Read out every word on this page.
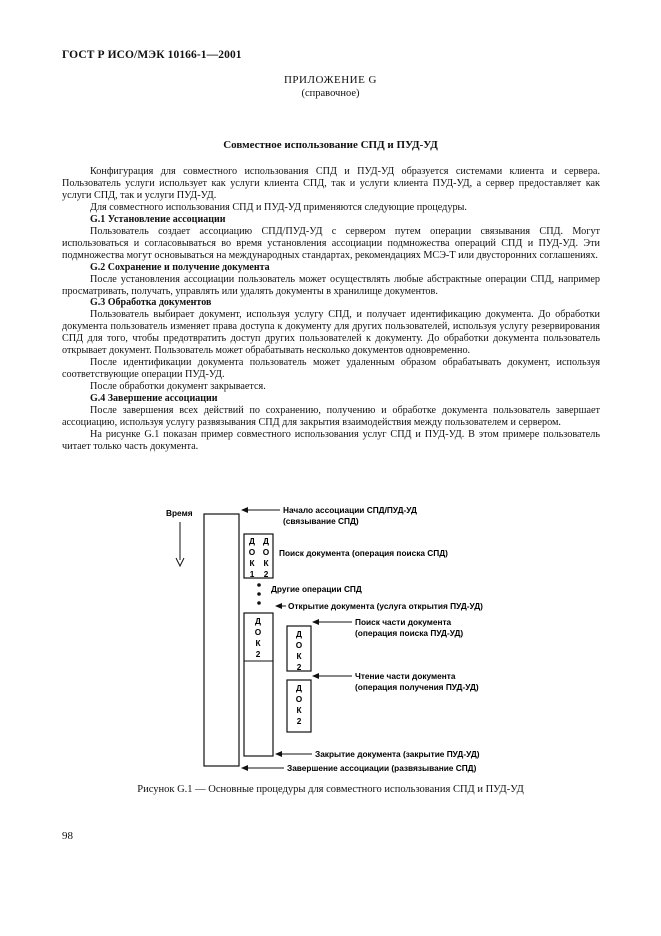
ГОСТ Р ИСО/МЭК 10166-1—2001
ПРИЛОЖЕНИЕ G
(справочное)
Совместное использование СПД и ПУД-УД

Конфигурация для совместного использования СПД и ПУД-УД образуется системами клиента и сервера. Пользователь услуги использует как услуги клиента СПД, так и услуги клиента ПУД-УД, а сервер предоставляет как услуги СПД, так и услуги ПУД-УД.

Для совместного использования СПД и ПУД-УД применяются следующие процедуры.

G.1 Установление ассоциации

Пользователь создает ассоциацию СПД/ПУД-УД с сервером путем операции связывания СПД. Могут использоваться и согласовываться во время установления ассоциации подмножества операций СПД и ПУД-УД. Эти подмножества могут основываться на международных стандартах, рекомендациях МСЭ-Т или двусторонних соглашениях.

G.2 Сохранение и получение документа

После установления ассоциации пользователь может осуществлять любые абстрактные операции СПД, например просматривать, получать, управлять или удалять документы в хранилище документов.

G.3 Обработка документов

Пользователь выбирает документ, используя услугу СПД, и получает идентификацию документа. До обработки документа пользователь изменяет права доступа к документу для других пользователей, используя услугу резервирования СПД для того, чтобы предотвратить доступ других пользователей к документу. До обработки документа пользователь открывает документ. Пользователь может обрабатывать несколько документов одновременно.

После идентификации документа пользователь может удаленным образом обрабатывать документ, используя соответствующие операции ПУД-УД.

После обработки документ закрывается.

G.4 Завершение ассоциации

После завершения всех действий по сохранению, получению и обработке документа пользователь завершает ассоциацию, используя услугу развязывания СПД для закрытия взаимодействия между пользователем и сервером.

На рисунке G.1 показан пример совместного использования услуг СПД и ПУД-УД. В этом примере пользователь читает только часть документа.

Время
Д
О
К
1
Д
О
К
2
Д
О
К
2
Д
О
К
2
Д
О
К
2
Начало ассоциации СПД/ПУД-УД
(связывание СПД)
Поиск документа (операция поиска СПД)
Другие операции СПД
Открытие документа (услуга открытия ПУД-УД)
Поиск части документа
(операция поиска ПУД-УД)
Чтение части документа
(операция получения ПУД-УД)
Закрытие документа (закрытие ПУД-УД)
Завершение ассоциации (развязывание СПД)
Рисунок G.1 — Основные процедуры для совместного использования СПД и ПУД-УД
98
